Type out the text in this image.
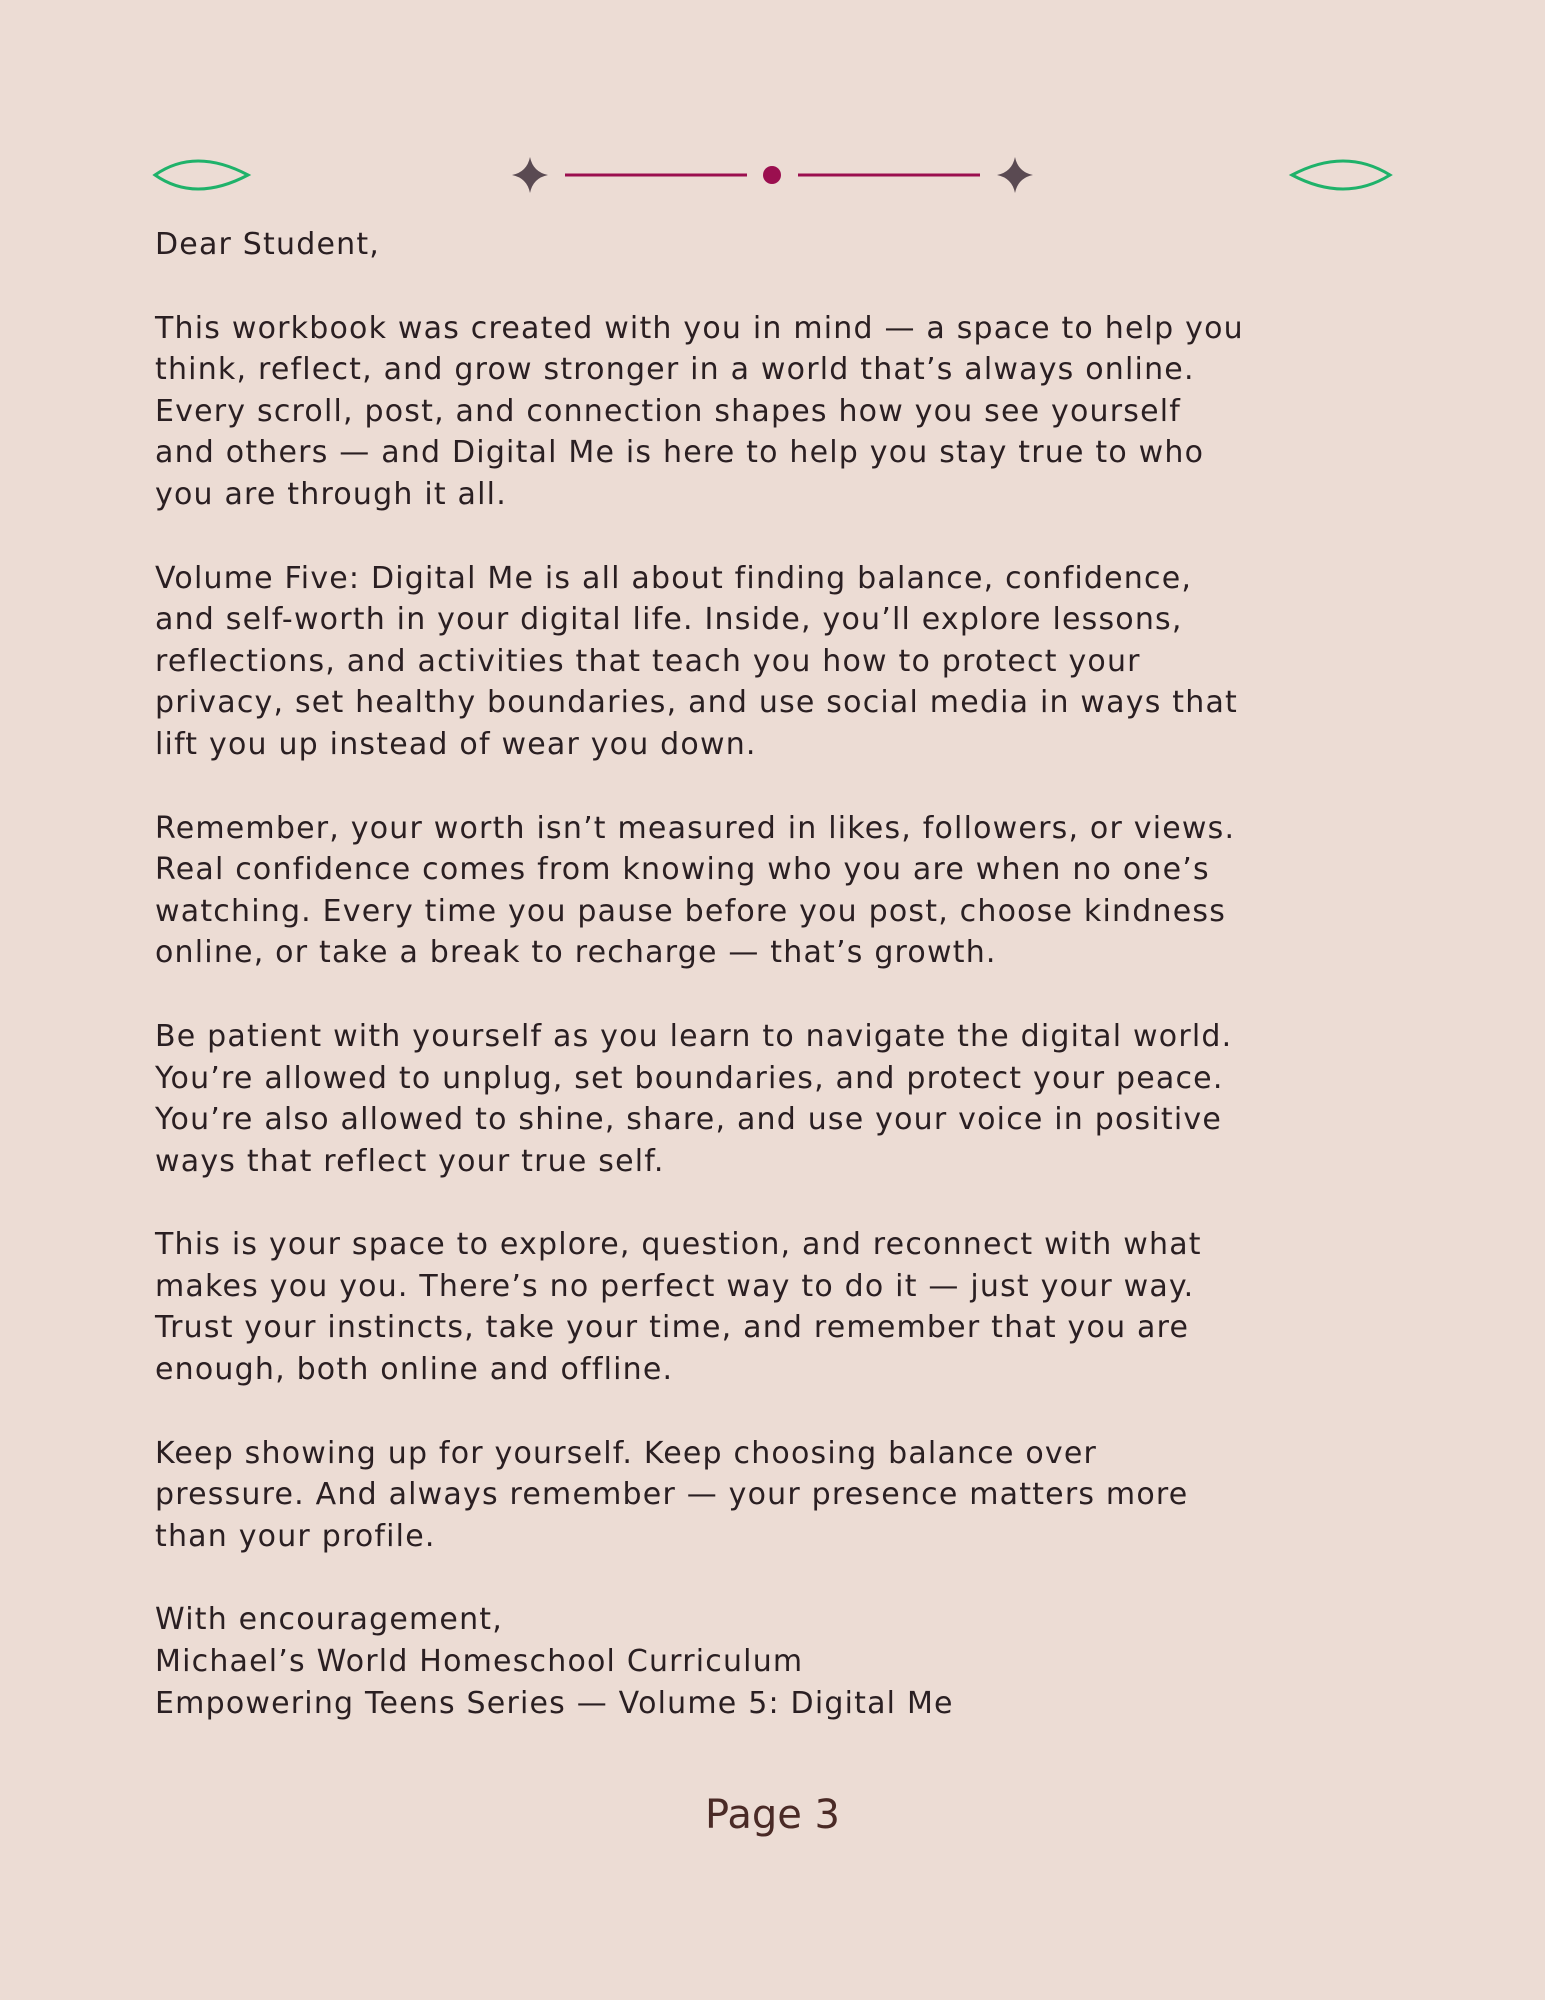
Dear Student,

This workbook was created with you in mind — a space to help you
think, reflect, and grow stronger in a world that’s always online.
Every scroll, post, and connection shapes how you see yourself
and others — and Digital Me is here to help you stay true to who
you are through it all.

Volume Five: Digital Me is all about finding balance, confidence,
and self-worth in your digital life. Inside, you’ll explore lessons,
reflections, and activities that teach you how to protect your
privacy, set healthy boundaries, and use social media in ways that
lift you up instead of wear you down.

Remember, your worth isn’t measured in likes, followers, or views.
Real confidence comes from knowing who you are when no one’s
watching. Every time you pause before you post, choose kindness
online, or take a break to recharge — that’s growth.

Be patient with yourself as you learn to navigate the digital world.
You’re allowed to unplug, set boundaries, and protect your peace.
You’re also allowed to shine, share, and use your voice in positive
ways that reflect your true self.

This is your space to explore, question, and reconnect with what
makes you you. There’s no perfect way to do it — just your way.
Trust your instincts, take your time, and remember that you are
enough, both online and offline.

Keep showing up for yourself. Keep choosing balance over
pressure. And always remember — your presence matters more
than your profile.

With encouragement,
Michael’s World Homeschool Curriculum
Empowering Teens Series — Volume 5: Digital Me
Page 3
